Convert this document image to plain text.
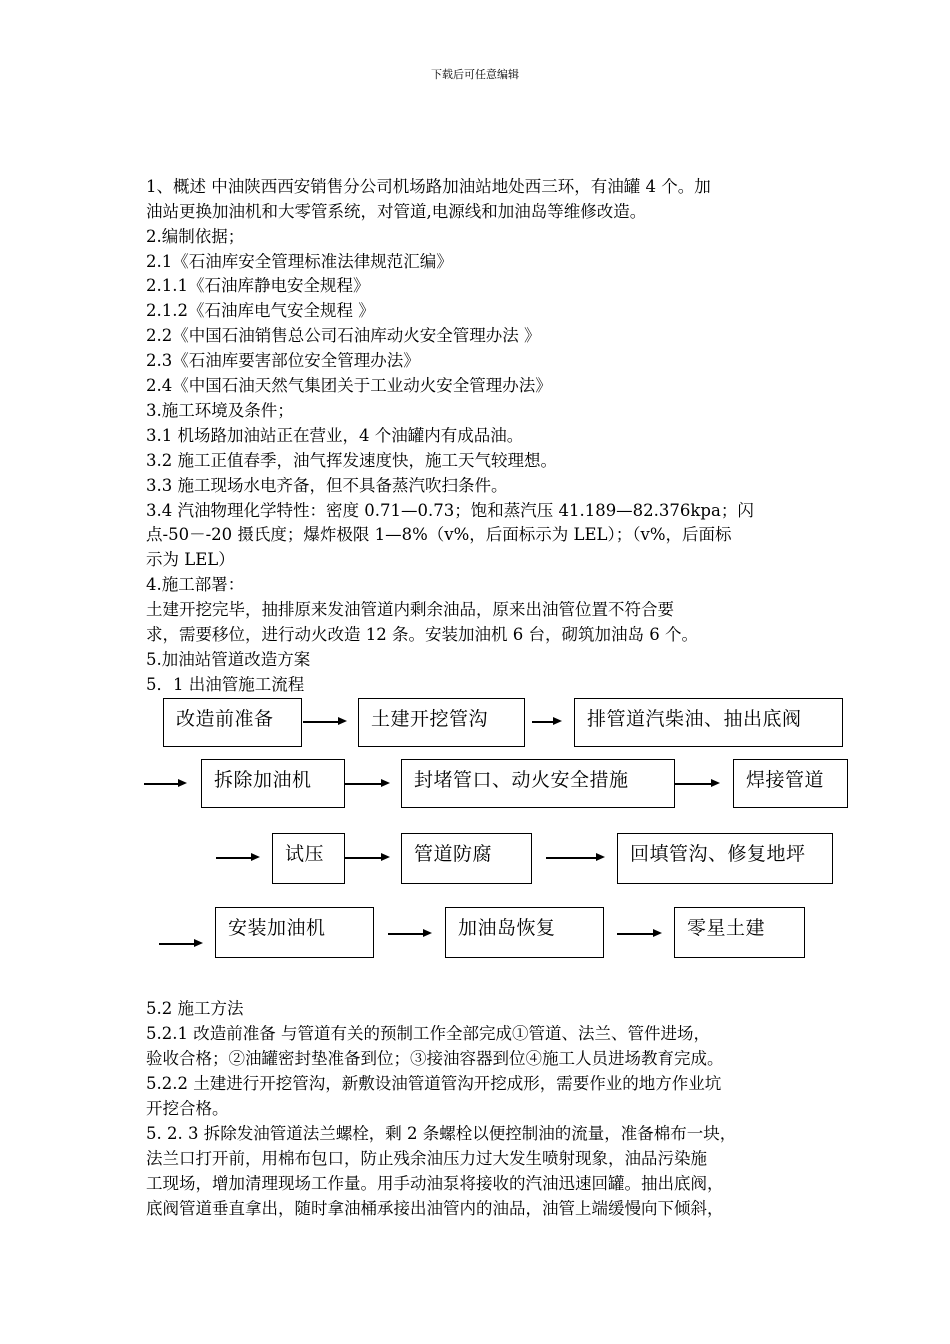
下载后可任意编辑
1、概述 中油陕西西安销售分公司机场路加油站地处西三环，有油罐 4 个。加
油站更换加油机和大零管系统，对管道,电源线和加油岛等维修改造。
2.编制依据；
2.1《石油库安全管理标准法律规范汇编》
2.1.1《石油库静电安全规程》
2.1.2《石油库电气安全规程 》
2.2《中国石油销售总公司石油库动火安全管理办法 》
2.3《石油库要害部位安全管理办法》
2.4《中国石油天然气集团关于工业动火安全管理办法》
3.施工环境及条件；
3.1 机场路加油站正在营业，4 个油罐内有成品油。
3.2 施工正值春季，油气挥发速度快，施工天气较理想。
3.3 施工现场水电齐备，但不具备蒸汽吹扫条件。
3.4 汽油物理化学特性：密度 0.71—0.73；饱和蒸汽压 41.189—82.376kpa；闪
点-50－-20 摄氏度；爆炸极限 1—8%（v%，后面标示为 LEL）；（v%，后面标
示为 LEL）
4.施工部署：
土建开挖完毕，抽排原来发油管道内剩余油品，原来出油管位置不符合要
求，需要移位，进行动火改造 12 条。安装加油机 6 台，砌筑加油岛 6 个。
5.加油站管道改造方案
5．1 出油管施工流程
改造前准备	土建开挖管沟	排管道汽柴油、抽出底阀
拆除加油机	封堵管口、动火安全措施	焊接管道
试压	管道防腐	回填管沟、修复地坪
安装加油机	加油岛恢复	零星土建
5.2 施工方法
5.2.1 改造前准备 与管道有关的预制工作全部完成①管道、法兰、管件进场，
验收合格；②油罐密封垫准备到位；③接油容器到位④施工人员进场教育完成。
5.2.2 土建进行开挖管沟，新敷设油管道管沟开挖成形，需要作业的地方作业坑
开挖合格。
5. 2. 3 拆除发油管道法兰螺栓，剩 2 条螺栓以便控制油的流量，准备棉布一块，
法兰口打开前，用棉布包口，防止残余油压力过大发生喷射现象，油品污染施
工现场，增加清理现场工作量。用手动油泵将接收的汽油迅速回罐。抽出底阀，
底阀管道垂直拿出，随时拿油桶承接出油管内的油品，油管上端缓慢向下倾斜，
